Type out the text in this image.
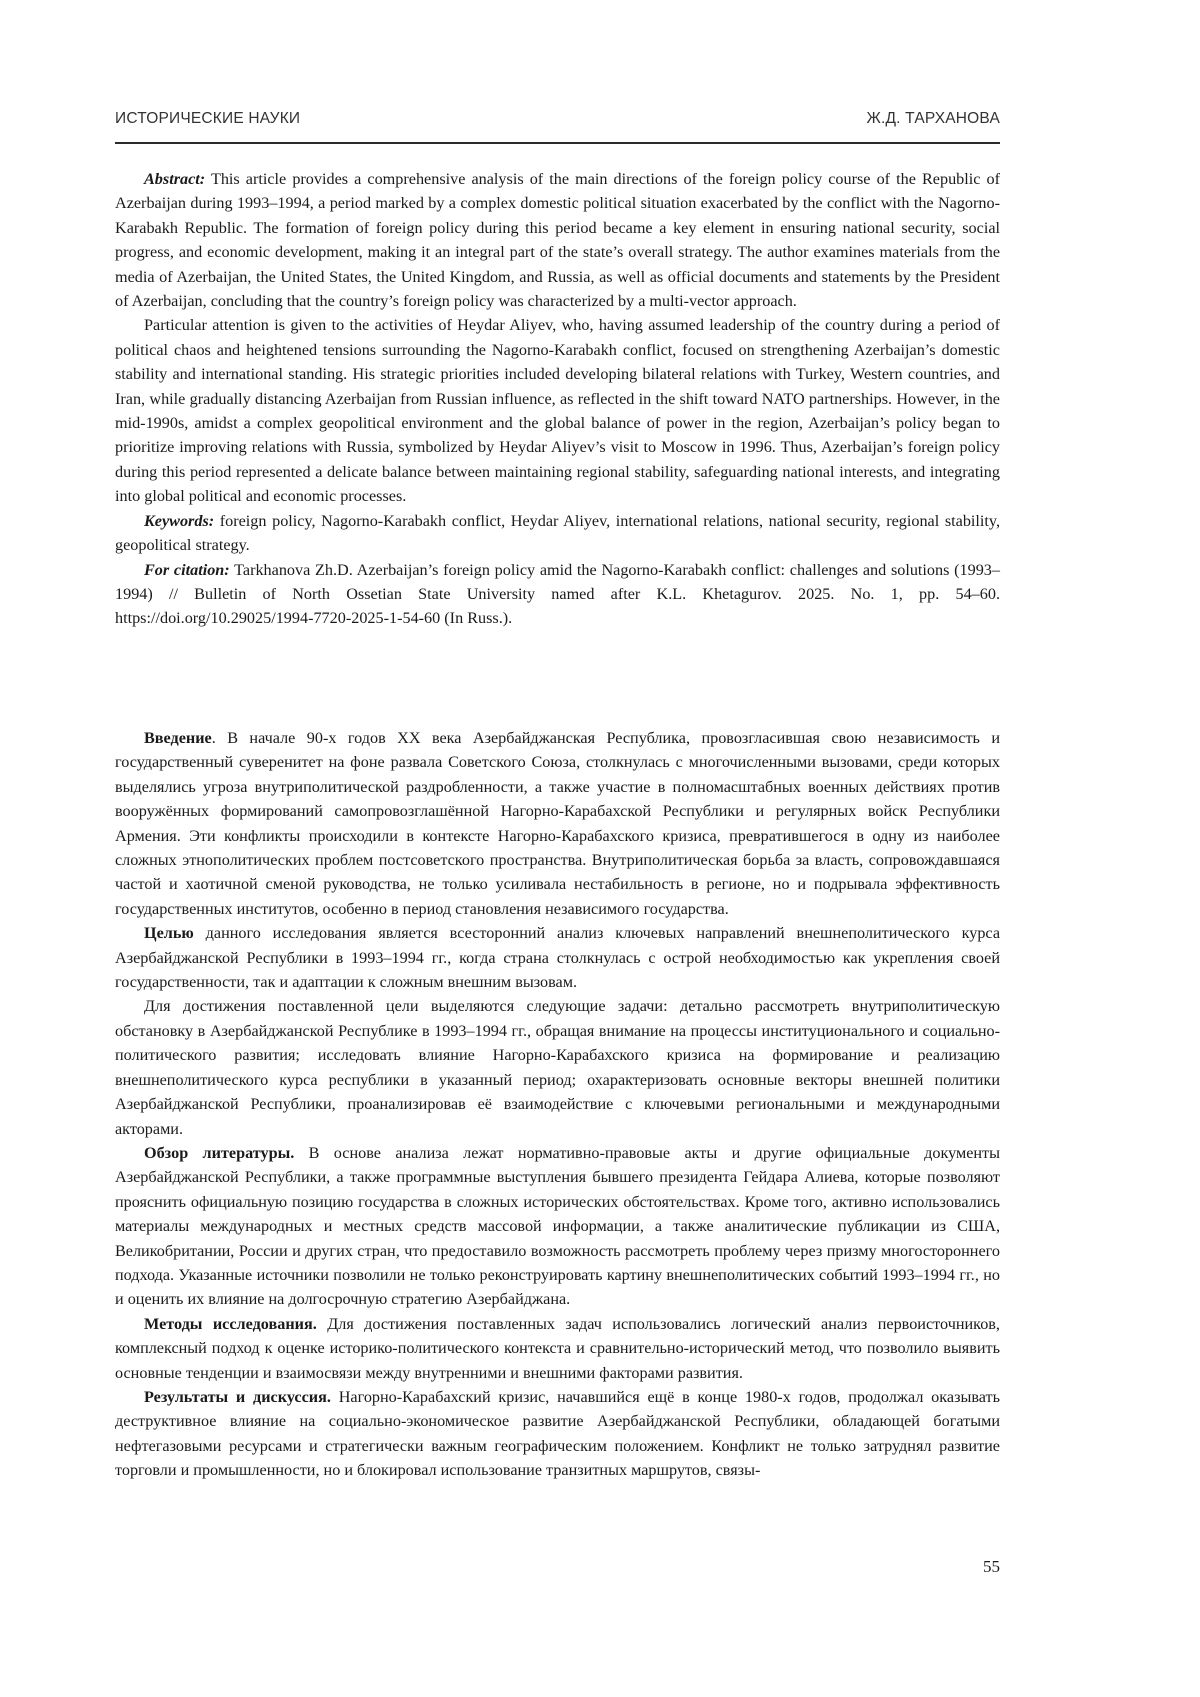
ИСТОРИЧЕСКИЕ НАУКИ	Ж.Д. ТАРХАНОВА

Abstract: This article provides a comprehensive analysis of the main directions of the foreign policy course of the Republic of Azerbaijan during 1993–1994, a period marked by a complex domestic political situation exacerbated by the conflict with the Nagorno-Karabakh Republic. The formation of foreign policy during this period became a key element in ensuring national security, social progress, and economic development, making it an integral part of the state’s overall strategy. The author examines materials from the media of Azerbaijan, the United States, the United Kingdom, and Russia, as well as official documents and statements by the President of Azerbaijan, concluding that the country’s foreign policy was characterized by a multi-vector approach.

Particular attention is given to the activities of Heydar Aliyev, who, having assumed leadership of the country during a period of political chaos and heightened tensions surrounding the Nagorno-Karabakh conflict, focused on strengthening Azerbaijan’s domestic stability and international standing. His strategic priorities included developing bilateral relations with Turkey, Western countries, and Iran, while gradually distancing Azerbaijan from Russian influence, as reflected in the shift toward NATO partnerships. However, in the mid-1990s, amidst a complex geopolitical environment and the global balance of power in the region, Azerbaijan’s policy began to prioritize improving relations with Russia, symbolized by Heydar Aliyev’s visit to Moscow in 1996. Thus, Azerbaijan’s foreign policy during this period represented a delicate balance between maintaining regional stability, safeguarding national interests, and integrating into global political and economic processes.

Keywords: foreign policy, Nagorno-Karabakh conflict, Heydar Aliyev, international relations, national security, regional stability, geopolitical strategy.

For citation: Tarkhanova Zh.D. Azerbaijan’s foreign policy amid the Nagorno-Karabakh conflict: challenges and solutions (1993–1994) // Bulletin of North Ossetian State University named after K.L. Khetagurov. 2025. No. 1, pp. 54–60. https://doi.org/10.29025/1994-7720-2025-1-54-60 (In Russ.).

Введение. В начале 90-х годов XX века Азербайджанская Республика, провозгласившая свою независимость и государственный суверенитет на фоне развала Советского Союза, столкнулась с многочисленными вызовами, среди которых выделялись угроза внутриполитической раздробленности, а также участие в полномасштабных военных действиях против вооружённых формирований самопровозглашённой Нагорно-Карабахской Республики и регулярных войск Республики Армения. Эти конфликты происходили в контексте Нагорно-Карабахского кризиса, превратившегося в одну из наиболее сложных этнополитических проблем постсоветского пространства. Внутриполитическая борьба за власть, сопровождавшаяся частой и хаотичной сменой руководства, не только усиливала нестабильность в регионе, но и подрывала эффективность государственных институтов, особенно в период становления независимого государства.

Целью данного исследования является всесторонний анализ ключевых направлений внешнеполитического курса Азербайджанской Республики в 1993–1994 гг., когда страна столкнулась с острой необходимостью как укрепления своей государственности, так и адаптации к сложным внешним вызовам.

Для достижения поставленной цели выделяются следующие задачи: детально рассмотреть внутриполитическую обстановку в Азербайджанской Республике в 1993–1994 гг., обращая внимание на процессы институционального и социально-политического развития; исследовать влияние Нагорно-Карабахского кризиса на формирование и реализацию внешнеполитического курса республики в указанный период; охарактеризовать основные векторы внешней политики Азербайджанской Республики, проанализировав её взаимодействие с ключевыми региональными и международными акторами.

Обзор литературы. В основе анализа лежат нормативно-правовые акты и другие официальные документы Азербайджанской Республики, а также программные выступления бывшего президента Гейдара Алиева, которые позволяют прояснить официальную позицию государства в сложных исторических обстоятельствах. Кроме того, активно использовались материалы международных и местных средств массовой информации, а также аналитические публикации из США, Великобритании, России и других стран, что предоставило возможность рассмотреть проблему через призму многостороннего подхода. Указанные источники позволили не только реконструировать картину внешнеполитических событий 1993–1994 гг., но и оценить их влияние на долгосрочную стратегию Азербайджана.

Методы исследования. Для достижения поставленных задач использовались логический анализ первоисточников, комплексный подход к оценке историко-политического контекста и сравнительно-исторический метод, что позволило выявить основные тенденции и взаимосвязи между внутренними и внешними факторами развития.

Результаты и дискуссия. Нагорно-Карабахский кризис, начавшийся ещё в конце 1980-х годов, продолжал оказывать деструктивное влияние на социально-экономическое развитие Азербайджанской Республики, обладающей богатыми нефтегазовыми ресурсами и стратегически важным географическим положением. Конфликт не только затруднял развитие торговли и промышленности, но и блокировал использование транзитных маршрутов, связы-

55
